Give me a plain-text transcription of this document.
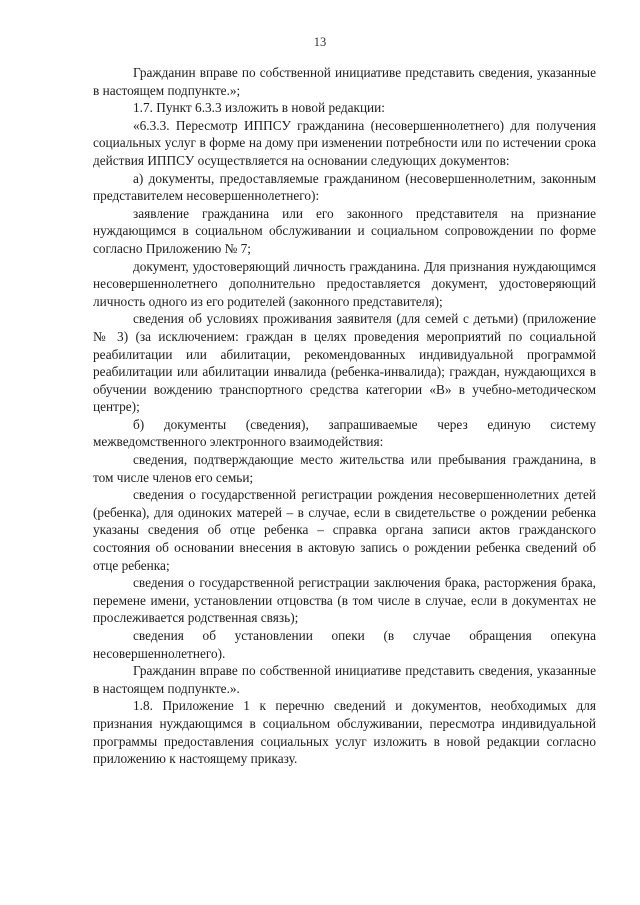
13

Гражданин вправе по собственной инициативе представить сведения, указанные в настоящем подпункте.»;

1.7. Пункт 6.3.3 изложить в новой редакции:

«6.3.3. Пересмотр ИППСУ гражданина (несовершеннолетнего) для получения социальных услуг в форме на дому при изменении потребности или по истечении срока действия ИППСУ осуществляется на основании следующих документов:

а) документы, предоставляемые гражданином (несовершеннолетним, законным представителем несовершеннолетнего):

заявление гражданина или его законного представителя на признание нуждающимся в социальном обслуживании и социальном сопровождении по форме согласно Приложению № 7;

документ, удостоверяющий личность гражданина. Для признания нуждающимся несовершеннолетнего дополнительно предоставляется документ, удостоверяющий личность одного из его родителей (законного представителя);

сведения об условиях проживания заявителя (для семей с детьми) (приложение № 3) (за исключением: граждан в целях проведения мероприятий по социальной реабилитации или абилитации, рекомендованных индивидуальной программой реабилитации или абилитации инвалида (ребенка-инвалида); граждан, нуждающихся в обучении вождению транспортного средства категории «В» в учебно-методическом центре);

б) документы (сведения), запрашиваемые через единую систему межведомственного электронного взаимодействия:

сведения, подтверждающие место жительства или пребывания гражданина, в том числе членов его семьи;

сведения о государственной регистрации рождения несовершеннолетних детей (ребенка), для одиноких матерей – в случае, если в свидетельстве о рождении ребенка указаны сведения об отце ребенка – справка органа записи актов гражданского состояния об основании внесения в актовую запись о рождении ребенка сведений об отце ребенка;

сведения о государственной регистрации заключения брака, расторжения брака, перемене имени, установлении отцовства (в том числе в случае, если в документах не прослеживается родственная связь);

сведения об установлении опеки (в случае обращения опекуна несовершеннолетнего).

Гражданин вправе по собственной инициативе представить сведения, указанные в настоящем подпункте.».

1.8. Приложение 1 к перечню сведений и документов, необходимых для признания нуждающимся в социальном обслуживании, пересмотра индивидуальной программы предоставления социальных услуг изложить в новой редакции согласно приложению к настоящему приказу.
